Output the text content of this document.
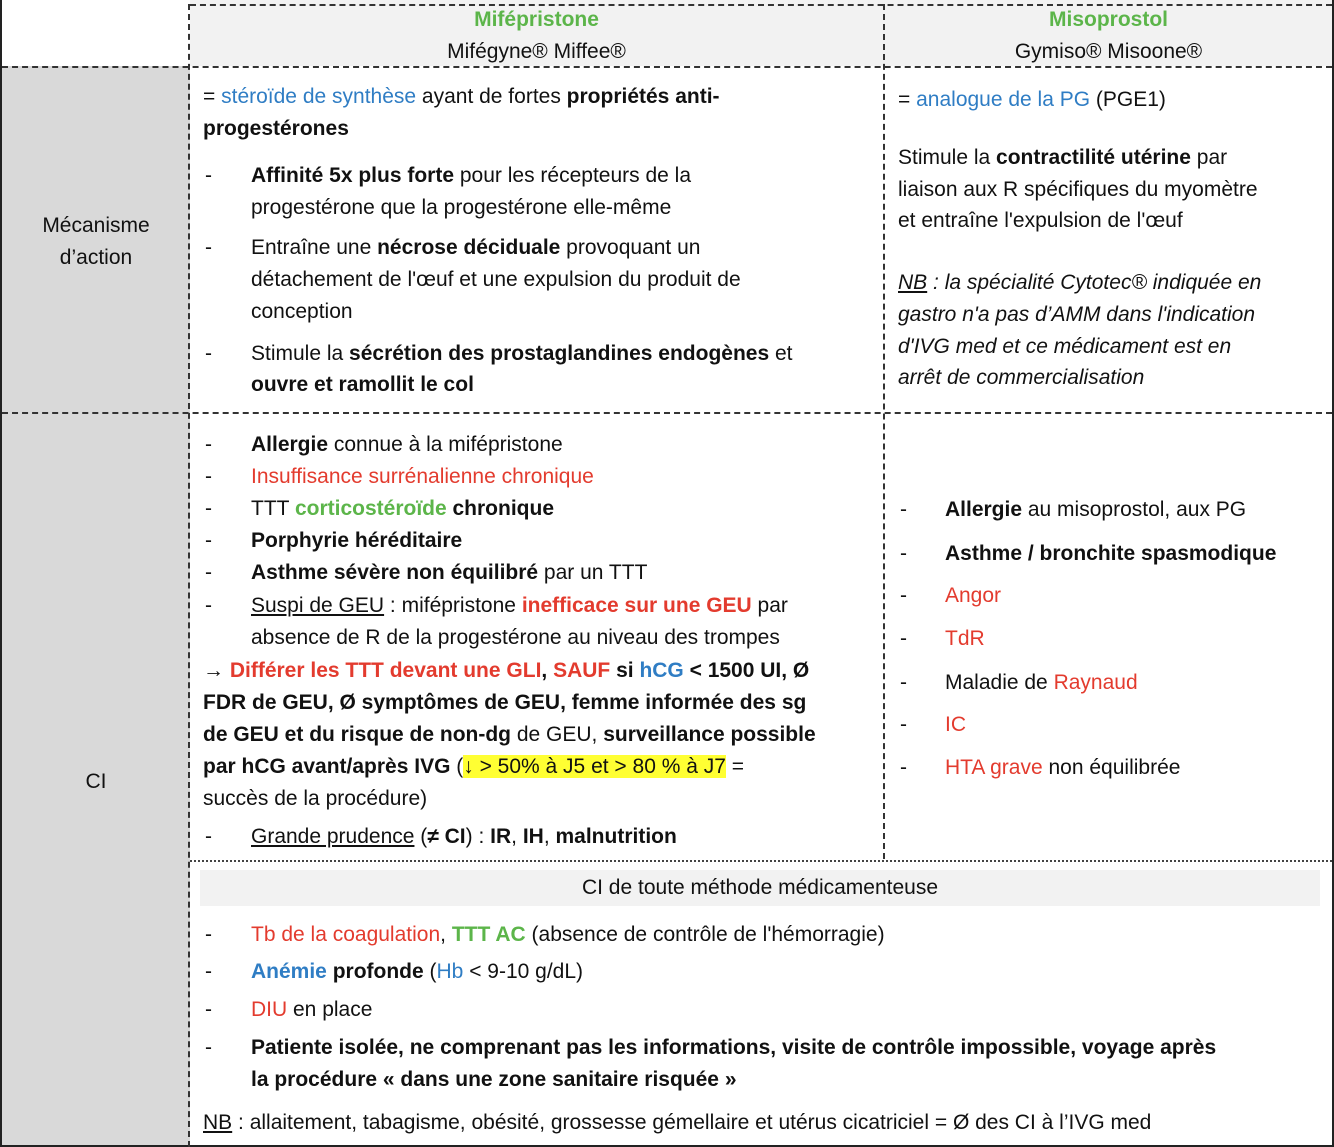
Mifépristone
Mifégyne® Miffee®
Misoprostol
Gymiso® Misoone®
Mécanisme
d’action
= stéroïde de synthèse ayant de fortes propriétés anti-
progestérones
- Affinité 5x plus forte pour les récepteurs de la
progestérone que la progestérone elle-même
- Entraîne une nécrose déciduale provoquant un
détachement de l'œuf et une expulsion du produit de
conception
- Stimule la sécrétion des prostaglandines endogènes et
ouvre et ramollit le col
= analogue de la PG (PGE1)
Stimule la contractilité utérine par
liaison aux R spécifiques du myomètre
et entraîne l'expulsion de l'œuf
NB : la spécialité Cytotec® indiquée en
gastro n'a pas d’AMM dans l'indication
d'IVG med et ce médicament est en
arrêt de commercialisation
CI
- Allergie connue à la mifépristone
- Insuffisance surrénalienne chronique
- TTT corticostéroïde chronique
- Porphyrie héréditaire
- Asthme sévère non équilibré par un TTT
- Suspi de GEU : mifépristone inefficace sur une GEU par
absence de R de la progestérone au niveau des trompes
→ Différer les TTT devant une GLI, SAUF si hCG < 1500 UI, Ø
FDR de GEU, Ø symptômes de GEU, femme informée des sg
de GEU et du risque de non-dg de GEU, surveillance possible
par hCG avant/après IVG (↓ > 50% à J5 et > 80 % à J7 =
succès de la procédure)
- Grande prudence (≠ CI) : IR, IH, malnutrition
- Allergie au misoprostol, aux PG
- Asthme / bronchite spasmodique
- Angor
- TdR
- Maladie de Raynaud
- IC
- HTA grave non équilibrée
CI de toute méthode médicamenteuse
- Tb de la coagulation, TTT AC (absence de contrôle de l'hémorragie)
- Anémie profonde (Hb < 9-10 g/dL)
- DIU en place
- Patiente isolée, ne comprenant pas les informations, visite de contrôle impossible, voyage après
la procédure « dans une zone sanitaire risquée »
NB : allaitement, tabagisme, obésité, grossesse gémellaire et utérus cicatriciel = Ø des CI à l’IVG med
